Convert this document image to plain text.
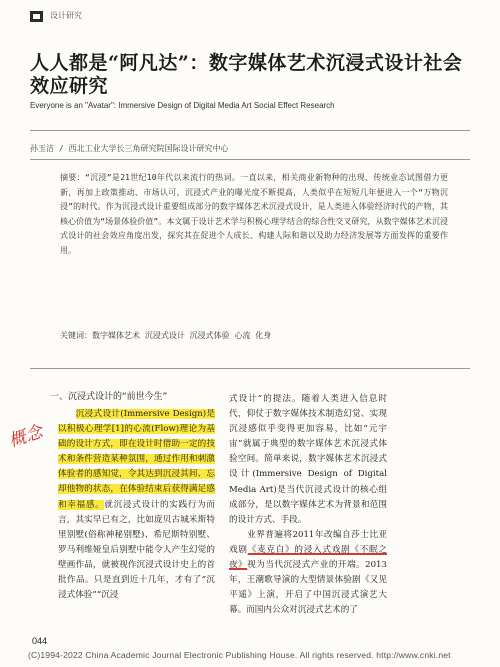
设计研究
人人都是“阿凡达”：数字媒体艺术沉浸式设计社会效应研究
Everyone is an "Avatar": Immersive Design of Digital Media Art Social Effect Research
孙玉洁 / 西北工业大学长三角研究院国际设计研究中心
摘要：“沉浸”是21世纪10年代以来流行的热词。一直以来，相关商业新物种的出现、传统业态试图借力更新，再加上政策推动、市场认可，沉浸式产业的曝光度不断提高，人类似乎在短短几年便进入一个“万物沉浸”的时代。作为沉浸式设计重要组成部分的数字媒体艺术沉浸式设计，是人类进入体验经济时代的产物，其核心价值为“场景体验价值”。本文属于设计艺术学与积极心理学结合的综合性交叉研究，从数字媒体艺术沉浸式设计的社会效应角度出发，探究其在促进个人成长、构建人际和谐以及助力经济发展等方面发挥的重要作用。
关键词：数字媒体艺术 沉浸式设计 沉浸式体验 心流 化身
一、沉浸式设计的“前世今生”
概念

　　沉浸式设计(Immersive Design)是以积极心理学[1]的心流(Flow)理论为基础的设计方式，即在设计时借助一定的技术和条件营造某种氛围，通过作用和刺激体验者的感知觉，令其达到沉浸其间、忘却他物的状态，在体验结束后获得满足感和幸福感。就沉浸式设计的实践行为而言，其实早已有之，比如庞贝古城米斯特里别墅(俗称神秘别墅)、希尼斯特别墅、罗马利维娅皇后别墅中能令人产生幻觉的壁画作品，就被视作沉浸式设计史上的首批作品。只是直到近十几年，才有了“沉浸式体验”“沉浸

式设计”的提法。随着人类进入信息时代，仰仗于数字媒体技术制造幻觉、实现沉浸感似乎变得更加容易，比如“元宇宙”就属于典型的数字媒体艺术沉浸式体验空间。简单来说，数字媒体艺术沉浸式设计(Immersive Design of Digital Media Art)是当代沉浸式设计的核心组成部分，是以数字媒体艺术为背景和范围的设计方式、手段。

　　业界普遍将2011年改编自莎士比亚戏剧《麦克白》的浸入式戏剧《不眠之夜》视为当代沉浸式产业的开端。2013年，王潮歌导演的大型情景体验剧《又见平遥》上演，开启了中国沉浸式演艺大幕。而国内公众对沉浸式艺术的了

044
(C)1994-2022 China Academic Journal Electronic Publishing House. All rights reserved. http://www.cnki.net
